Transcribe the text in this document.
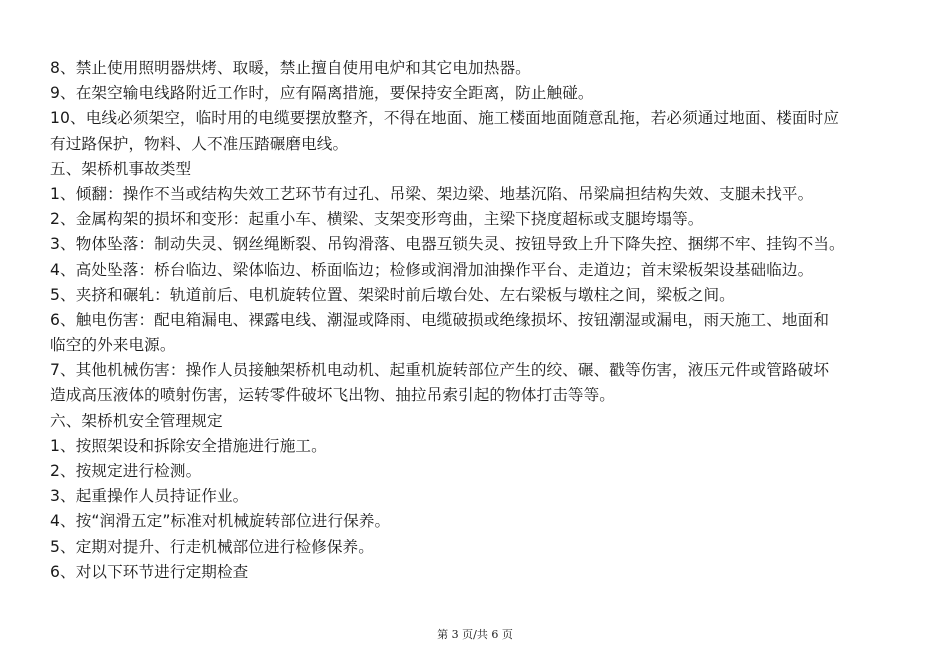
8、禁止使用照明器烘烤、取暖，禁止擅自使用电炉和其它电加热器。
9、在架空输电线路附近工作时，应有隔离措施，要保持安全距离，防止触碰。
10、电线必须架空，临时用的电缆要摆放整齐，不得在地面、施工楼面地面随意乱拖，若必须通过地面、楼面时应
有过路保护，物料、人不准压踏碾磨电线。
五、架桥机事故类型
1、倾翻：操作不当或结构失效工艺环节有过孔、吊梁、架边梁、地基沉陷、吊梁扁担结构失效、支腿未找平。
2、金属构架的损坏和变形：起重小车、横梁、支架变形弯曲，主梁下挠度超标或支腿垮塌等。
3、物体坠落：制动失灵、钢丝绳断裂、吊钩滑落、电器互锁失灵、按钮导致上升下降失控、捆绑不牢、挂钩不当。
4、高处坠落：桥台临边、梁体临边、桥面临边；检修或润滑加油操作平台、走道边；首末梁板架设基础临边。
5、夹挤和碾轧：轨道前后、电机旋转位置、架梁时前后墩台处、左右梁板与墩柱之间，梁板之间。
6、触电伤害：配电箱漏电、裸露电线、潮湿或降雨、电缆破损或绝缘损坏、按钮潮湿或漏电，雨天施工、地面和
临空的外来电源。
7、其他机械伤害：操作人员接触架桥机电动机、起重机旋转部位产生的绞、碾、戳等伤害，液压元件或管路破坏
造成高压液体的喷射伤害，运转零件破坏飞出物、抽拉吊索引起的物体打击等等。
六、架桥机安全管理规定
1、按照架设和拆除安全措施进行施工。
2、按规定进行检测。
3、起重操作人员持证作业。
4、按“润滑五定”标准对机械旋转部位进行保养。
5、定期对提升、行走机械部位进行检修保养。
6、对以下环节进行定期检查
第 3 页/共 6 页
